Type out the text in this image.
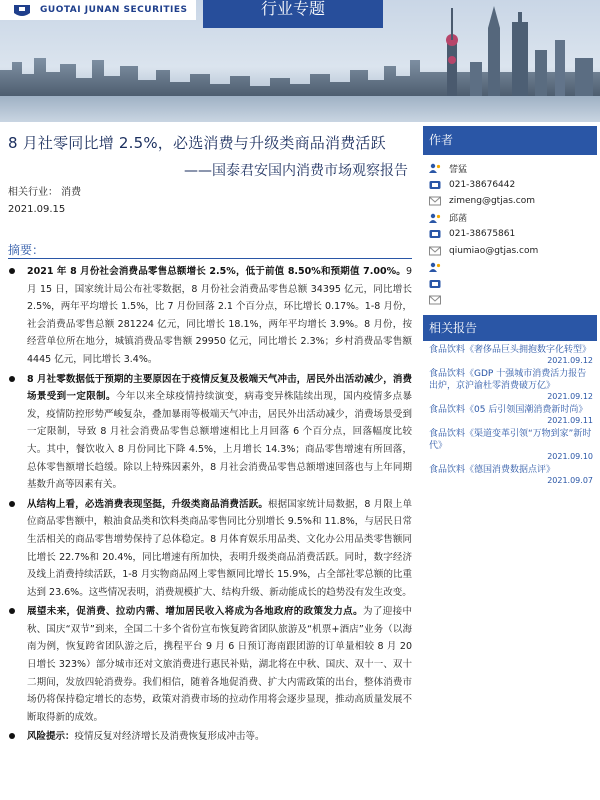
GUOTAI JUNAN SECURITIES	行业专题
8 月社零同比增 2.5%，必选消费与升级类商品消费活跃
——国泰君安国内消费市场观察报告
相关行业： 消费
2021.09.15
摘要：
2021 年 8 月份社会消费品零售总额增长 2.5%，低于前值 8.50%和预期值 7.00%。9 月 15 日，国家统计局公布社零数据，8 月份社会消费品零售总额 34395 亿元，同比增长 2.5%，两年平均增长 1.5%，比 7 月份回落 2.1 个百分点，环比增长 0.17%。1-8 月份，社会消费品零售总额 281224 亿元，同比增长 18.1%，两年平均增长 3.9%。8 月份，按经营单位所在地分，城镇消费品零售额 29950 亿元，同比增长 2.3%；乡村消费品零售额 4445 亿元，同比增长 3.4%。
8 月社零数据低于预期的主要原因在于疫情反复及极端天气冲击，居民外出活动减少，消费场景受到一定限制。今年以来全球疫情持续演变，病毒变异株陆续出现，国内疫情多点暴发，疫情防控形势严峻复杂，叠加暴雨等极端天气冲击，居民外出活动减少，消费场景受到一定限制，导致 8 月社会消费品零售总额增速相比上月回落 6 个百分点，回落幅度比较大。其中，餐饮收入 8 月份同比下降 4.5%，上月增长 14.3%；商品零售增速有所回落，总体零售额增长趋缓。除以上特殊因素外，8 月社会消费品零售总额增速回落也与上年同期基数升高等因素有关。
从结构上看，必选消费表现坚挺，升级类商品消费活跃。根据国家统计局数据，8 月限上单位商品零售额中，粮油食品类和饮料类商品零售同比分别增长 9.5%和 11.8%，与居民日常生活相关的商品零售增势保持了总体稳定。8 月体育娱乐用品类、文化办公用品类零售额同比增长 22.7%和 20.4%，同比增速有所加快，表明升级类商品消费活跃。同时，数字经济及线上消费持续活跃，1-8 月实物商品网上零售额同比增长 15.9%，占全部社零总额的比重达到 23.6%。这些情况表明，消费规模扩大、结构升级、新动能成长的趋势没有发生改变。
展望未来，促消费、拉动内需、增加居民收入将成为各地政府的政策发力点。为了迎接中秋、国庆“双节”到来，全国二十多个省份宣布恢复跨省团队旅游及“机票+酒店”业务（以海南为例，恢复跨省团队游之后，携程平台 9 月 6 日预订海南跟团游的订单量相较 8 月 20 日增长 323%）部分城市还对文旅消费进行惠民补贴，湖北将在中秋、国庆、双十一、双十二期间，发放四轮消费券。我们相信，随着各地促消费、扩大内需政策的出台，整体消费市场仍将保持稳定增长的态势，政策对消费市场的拉动作用将会逐步显现，推动高质量发展不断取得新的成效。
风险提示：疫情反复对经济增长及消费恢复形成冲击等。
作者
訾猛
021-38676442
zimeng@gtjas.com
邱菡
021-38675861
qiumiao@gtjas.com
相关报告
食品饮料《奢侈品巨头拥抱数字化转型》
2021.09.12
食品饮料《GDP 十强城市消费活力报告出炉，京沪渝杜零消费破万亿》
2021.09.12
食品饮料《05 后引领国潮消费新时尚》
2021.09.11
食品饮料《渠道变革引领“万物到家”新时代》
2021.09.10
食品饮料《德国消费数据点评》
2021.09.07
